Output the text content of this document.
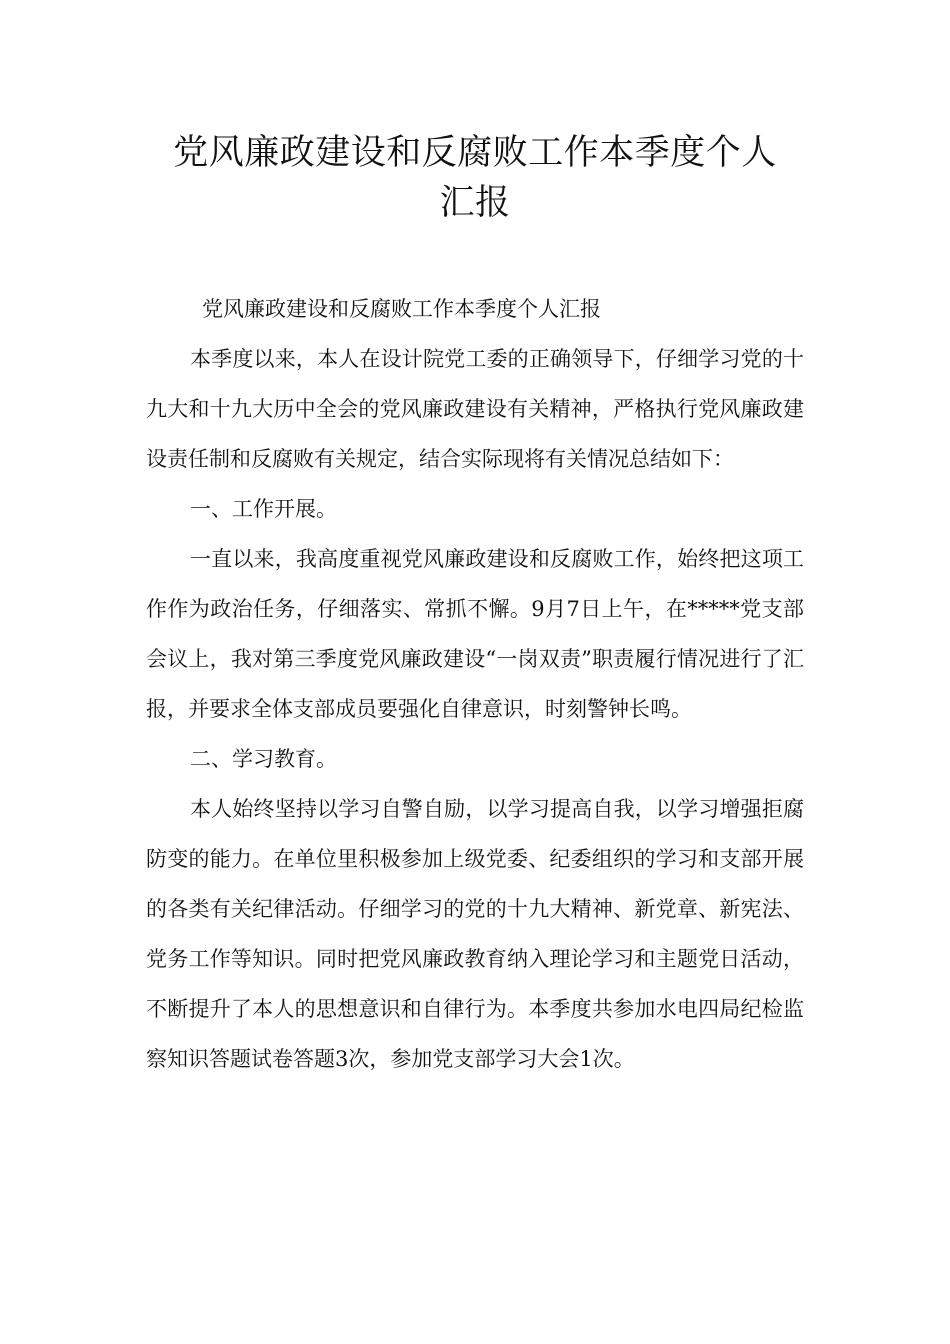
党风廉政建设和反腐败工作本季度个人
汇报

党风廉政建设和反腐败工作本季度个人汇报

本季度以来，本人在设计院党工委的正确领导下，仔细学习党的十九大和十九大历中全会的党风廉政建设有关精神，严格执行党风廉政建设责任制和反腐败有关规定，结合实际现将有关情况总结如下：

一、工作开展。

一直以来，我高度重视党风廉政建设和反腐败工作，始终把这项工作作为政治任务，仔细落实、常抓不懈。9月7日上午，在*****党支部会议上，我对第三季度党风廉政建设“一岗双责”职责履行情况进行了汇报，并要求全体支部成员要强化自律意识，时刻警钟长鸣。

二、学习教育。

本人始终坚持以学习自警自励，以学习提高自我，以学习增强拒腐防变的能力。在单位里积极参加上级党委、纪委组织的学习和支部开展的各类有关纪律活动。仔细学习的党的十九大精神、新党章、新宪法、党务工作等知识。同时把党风廉政教育纳入理论学习和主题党日活动，不断提升了本人的思想意识和自律行为。本季度共参加水电四局纪检监察知识答题试卷答题3次，参加党支部学习大会1次。
